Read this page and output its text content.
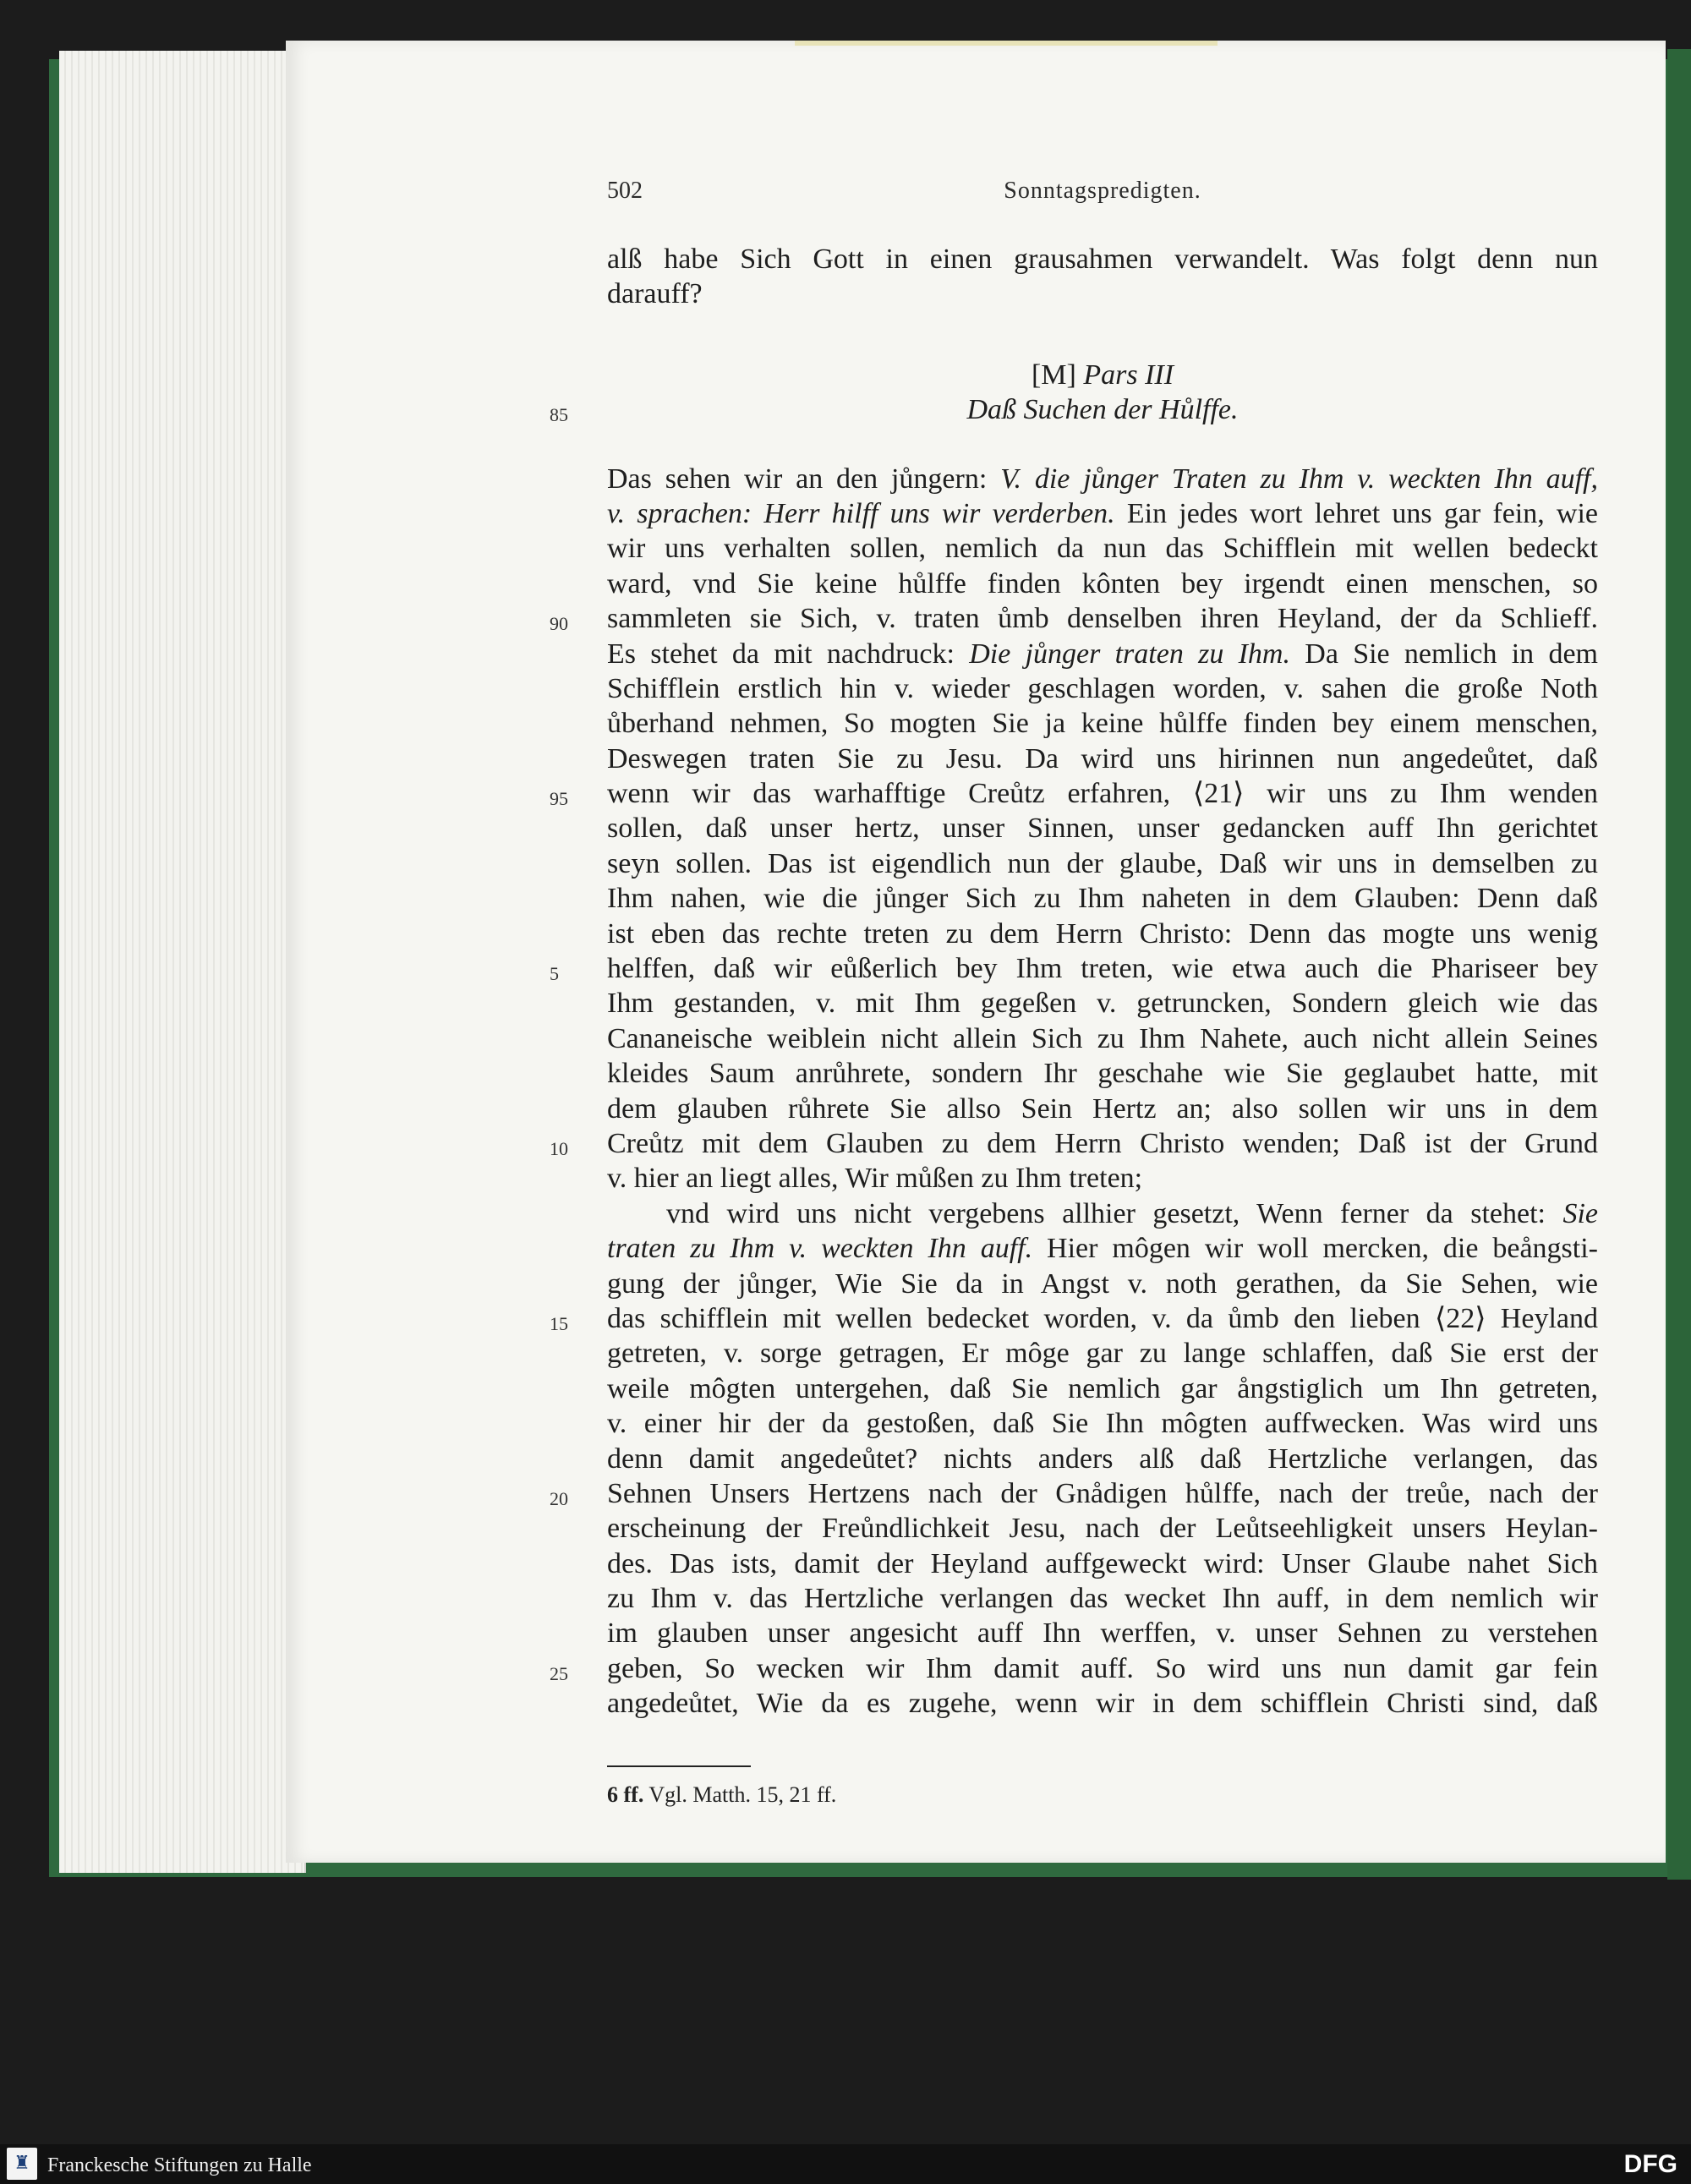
502	Sonntagspredigten.
alß habe Sich Gott in einen grausahmen verwandelt. Was folgt denn nun
darauff?
[M] Pars III
85	Daß Suchen der Hůlffe.
Das sehen wir an den jůngern: V. die jůnger Traten zu Ihm v. weckten Ihn auff,
v. sprachen: Herr hilff uns wir verderben. Ein jedes wort lehret uns gar fein, wie
wir uns verhalten sollen, nemlich da nun das Schifflein mit wellen bedeckt
ward, vnd Sie keine hůlffe finden kônten bey irgendt einen menschen, so
90 sammleten sie Sich, v. traten ůmb denselben ihren Heyland, der da Schlieff.
Es stehet da mit nachdruck: Die jůnger traten zu Ihm. Da Sie nemlich in dem
Schifflein erstlich hin v. wieder geschlagen worden, v. sahen die große Noth
ůberhand nehmen, So mogten Sie ja keine hůlffe finden bey einem menschen,
Deswegen traten Sie zu Jesu. Da wird uns hirinnen nun angedeůtet, daß
95 wenn wir das warhafftige Creůtz erfahren, ⟨21⟩ wir uns zu Ihm wenden
sollen, daß unser hertz, unser Sinnen, unser gedancken auff Ihn gerichtet
seyn sollen. Das ist eigendlich nun der glaube, Daß wir uns in demselben zu
Ihm nahen, wie die jůnger Sich zu Ihm naheten in dem Glauben: Denn daß
ist eben das rechte treten zu dem Herrn Christo: Denn das mogte uns wenig
5 helffen, daß wir eůßerlich bey Ihm treten, wie etwa auch die Phariseer bey
Ihm gestanden, v. mit Ihm gegeßen v. getruncken, Sondern gleich wie das
Cananeische weiblein nicht allein Sich zu Ihm Nahete, auch nicht allein Seines
kleides Saum anrůhrete, sondern Ihr geschahe wie Sie geglaubet hatte, mit
dem glauben růhrete Sie allso Sein Hertz an; also sollen wir uns in dem
10 Creůtz mit dem Glauben zu dem Herrn Christo wenden; Daß ist der Grund
v. hier an liegt alles, Wir můßen zu Ihm treten;
vnd wird uns nicht vergebens allhier gesetzt, Wenn ferner da stehet: Sie
traten zu Ihm v. weckten Ihn auff. Hier môgen wir woll mercken, die beångsti-
gung der jůnger, Wie Sie da in Angst v. noth gerathen, da Sie Sehen, wie
15 das schifflein mit wellen bedecket worden, v. da ůmb den lieben ⟨22⟩ Heyland
getreten, v. sorge getragen, Er môge gar zu lange schlaffen, daß Sie erst der
weile môgten untergehen, daß Sie nemlich gar ångstiglich um Ihn getreten,
v. einer hir der da gestoßen, daß Sie Ihn môgten auffwecken. Was wird uns
denn damit angedeůtet? nichts anders alß daß Hertzliche verlangen, das
20 Sehnen Unsers Hertzens nach der Gnådigen hůlffe, nach der treůe, nach der
erscheinung der Freůndlichkeit Jesu, nach der Leůtseehligkeit unsers Heylan-
des. Das ists, damit der Heyland auffgeweckt wird: Unser Glaube nahet Sich
zu Ihm v. das Hertzliche verlangen das wecket Ihn auff, in dem nemlich wir
im glauben unser angesicht auff Ihn werffen, v. unser Sehnen zu verstehen
25 geben, So wecken wir Ihm damit auff. So wird uns nun damit gar fein
angedeůtet, Wie da es zugehe, wenn wir in dem schifflein Christi sind, daß
6 ff. Vgl. Matth. 15, 21 ff.
♜ Franckesche Stiftungen zu Halle	DFG
